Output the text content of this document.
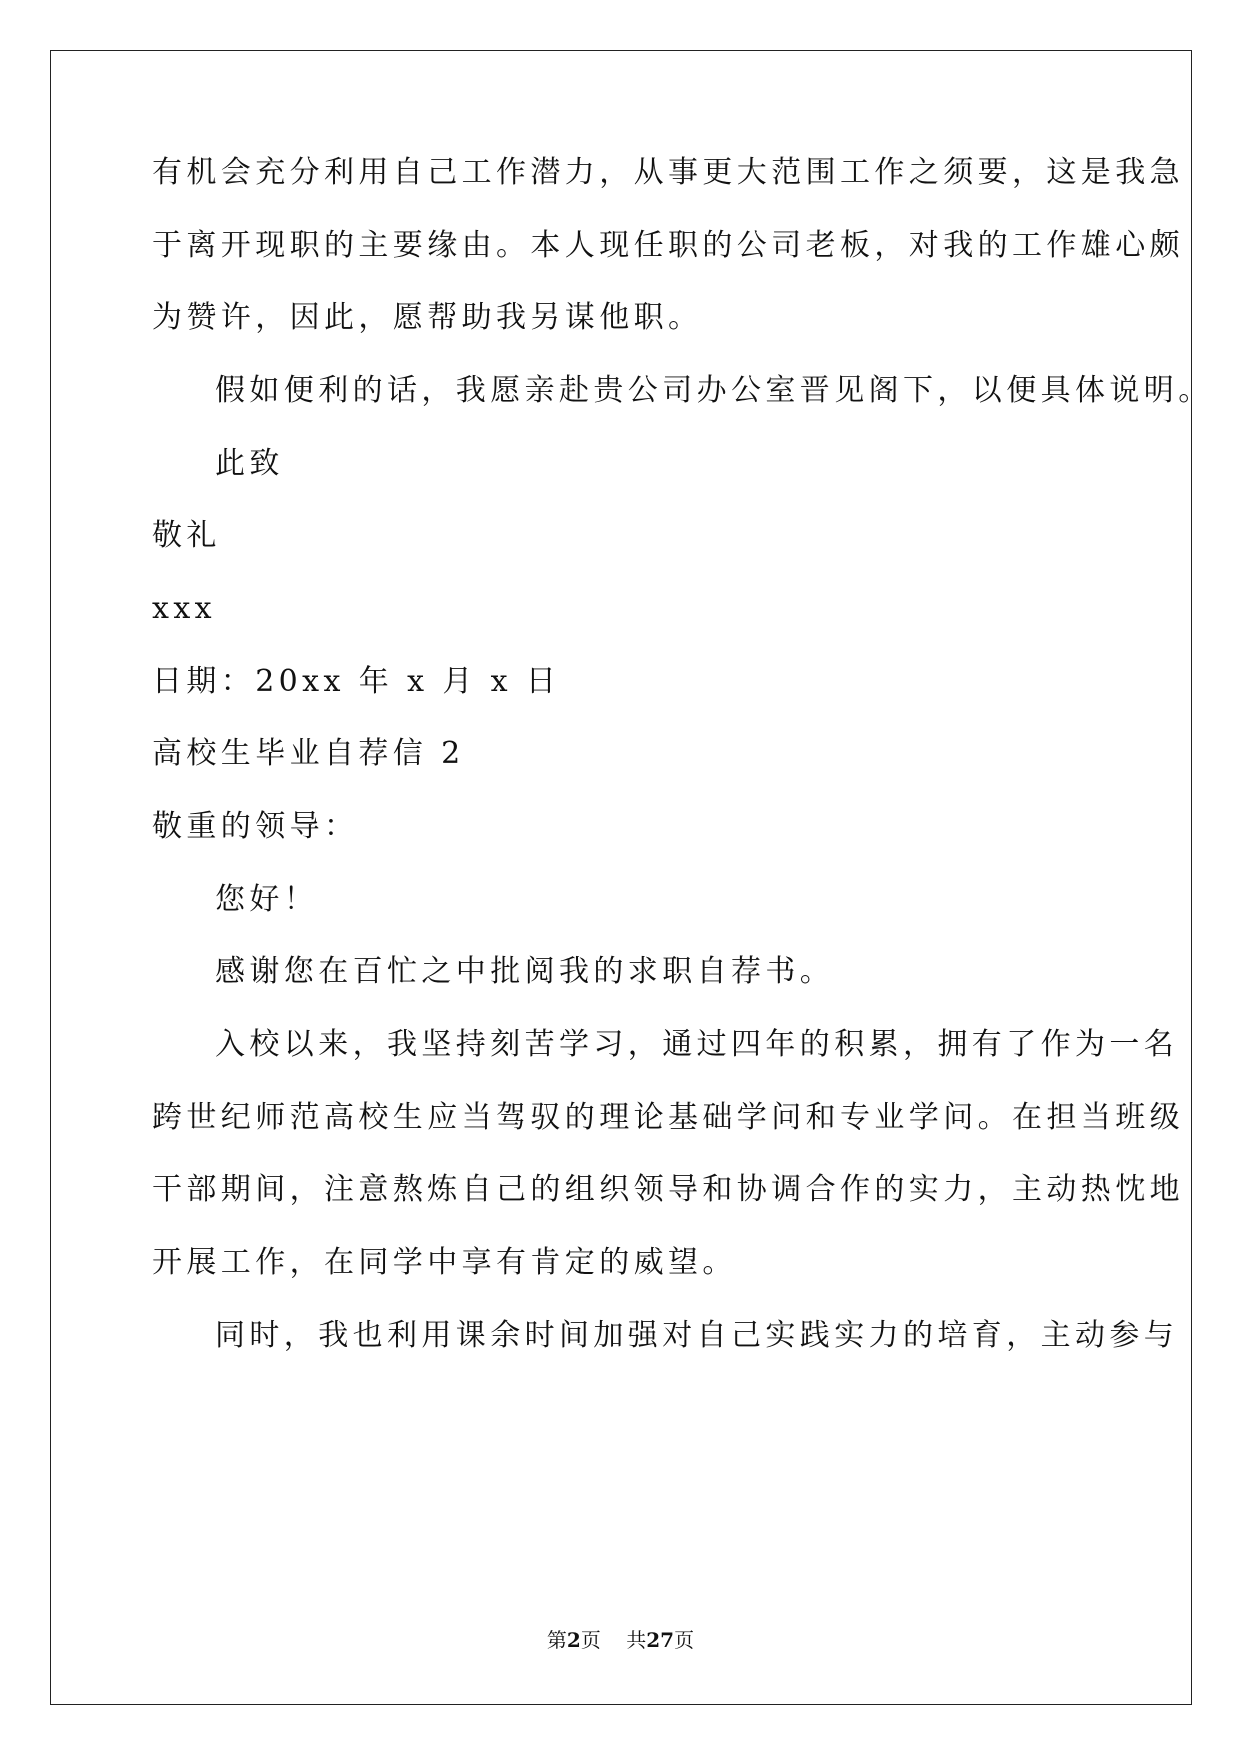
有机会充分利用自己工作潜力，从事更大范围工作之须要，这是我急
于离开现职的主要缘由。本人现任职的公司老板，对我的工作雄心颇
为赞许，因此，愿帮助我另谋他职。
假如便利的话，我愿亲赴贵公司办公室晋见阁下，以便具体说明。
此致
敬礼
xxx
日期：20xx 年 x 月 x 日
高校生毕业自荐信 2
敬重的领导：
您好！
感谢您在百忙之中批阅我的求职自荐书。
入校以来，我坚持刻苦学习，通过四年的积累，拥有了作为一名
跨世纪师范高校生应当驾驭的理论基础学问和专业学问。在担当班级
干部期间，注意熬炼自己的组织领导和协调合作的实力，主动热忱地
开展工作，在同学中享有肯定的威望。
同时，我也利用课余时间加强对自己实践实力的培育，主动参与
第2页 共27页
